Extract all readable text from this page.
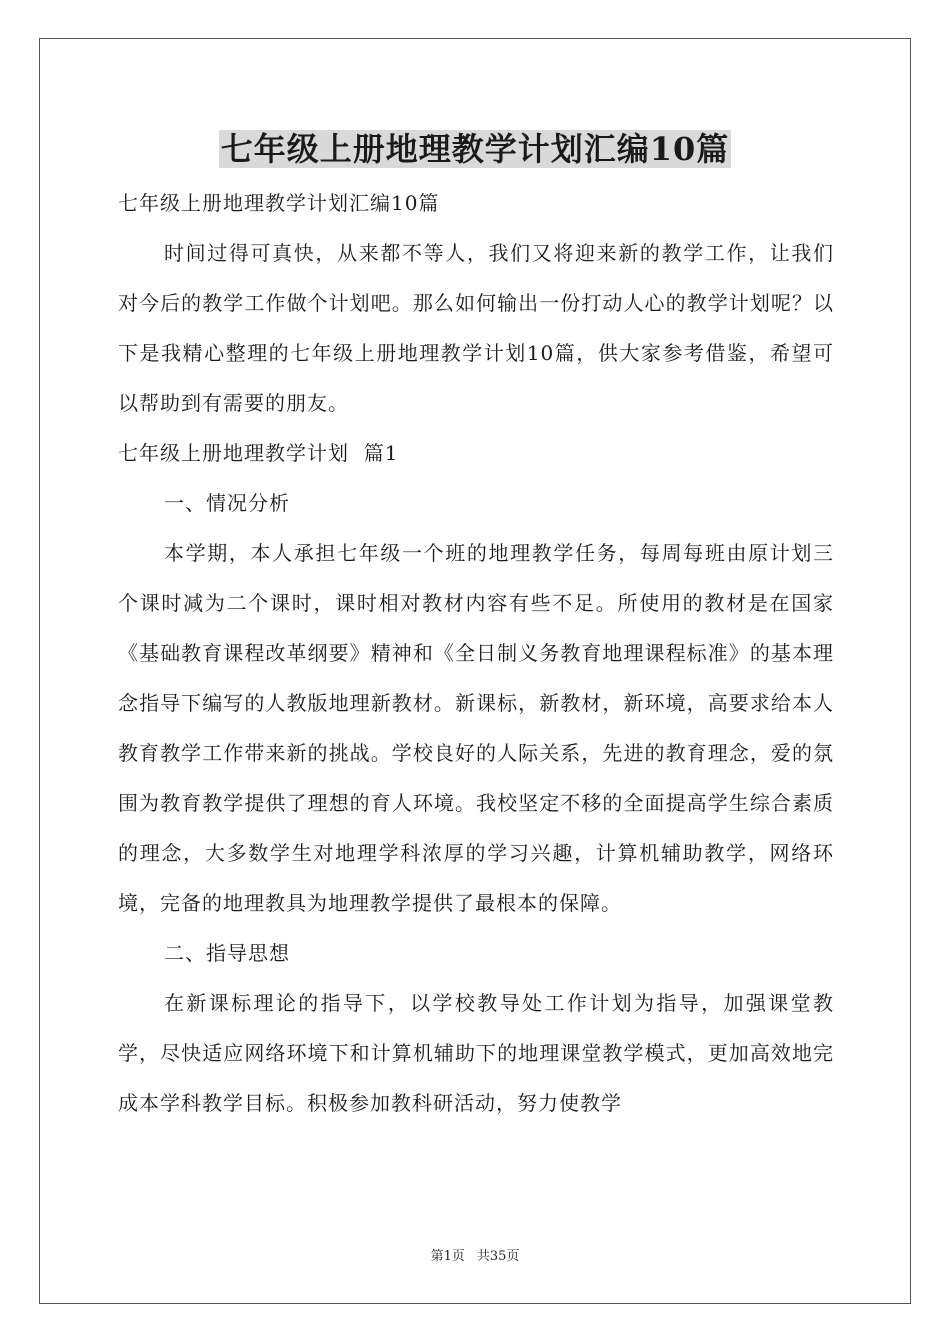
七年级上册地理教学计划汇编10篇

七年级上册地理教学计划汇编10篇

时间过得可真快，从来都不等人，我们又将迎来新的教学工作，让我们对今后的教学工作做个计划吧。那么如何输出一份打动人心的教学计划呢？以下是我精心整理的七年级上册地理教学计划10篇，供大家参考借鉴，希望可以帮助到有需要的朋友。

七年级上册地理教学计划  篇1

一、情况分析

本学期，本人承担七年级一个班的地理教学任务，每周每班由原计划三个课时减为二个课时，课时相对教材内容有些不足。所使用的教材是在国家《基础教育课程改革纲要》精神和《全日制义务教育地理课程标准》的基本理念指导下编写的人教版地理新教材。新课标，新教材，新环境，高要求给本人教育教学工作带来新的挑战。学校良好的人际关系，先进的教育理念，爱的氛围为教育教学提供了理想的育人环境。我校坚定不移的全面提高学生综合素质的理念，大多数学生对地理学科浓厚的学习兴趣，计算机辅助教学，网络环境，完备的地理教具为地理教学提供了最根本的保障。

二、指导思想

在新课标理论的指导下，以学校教导处工作计划为指导，加强课堂教学，尽快适应网络环境下和计算机辅助下的地理课堂教学模式，更加高效地完成本学科教学目标。积极参加教科研活动，努力使教学

第1页 共35页
